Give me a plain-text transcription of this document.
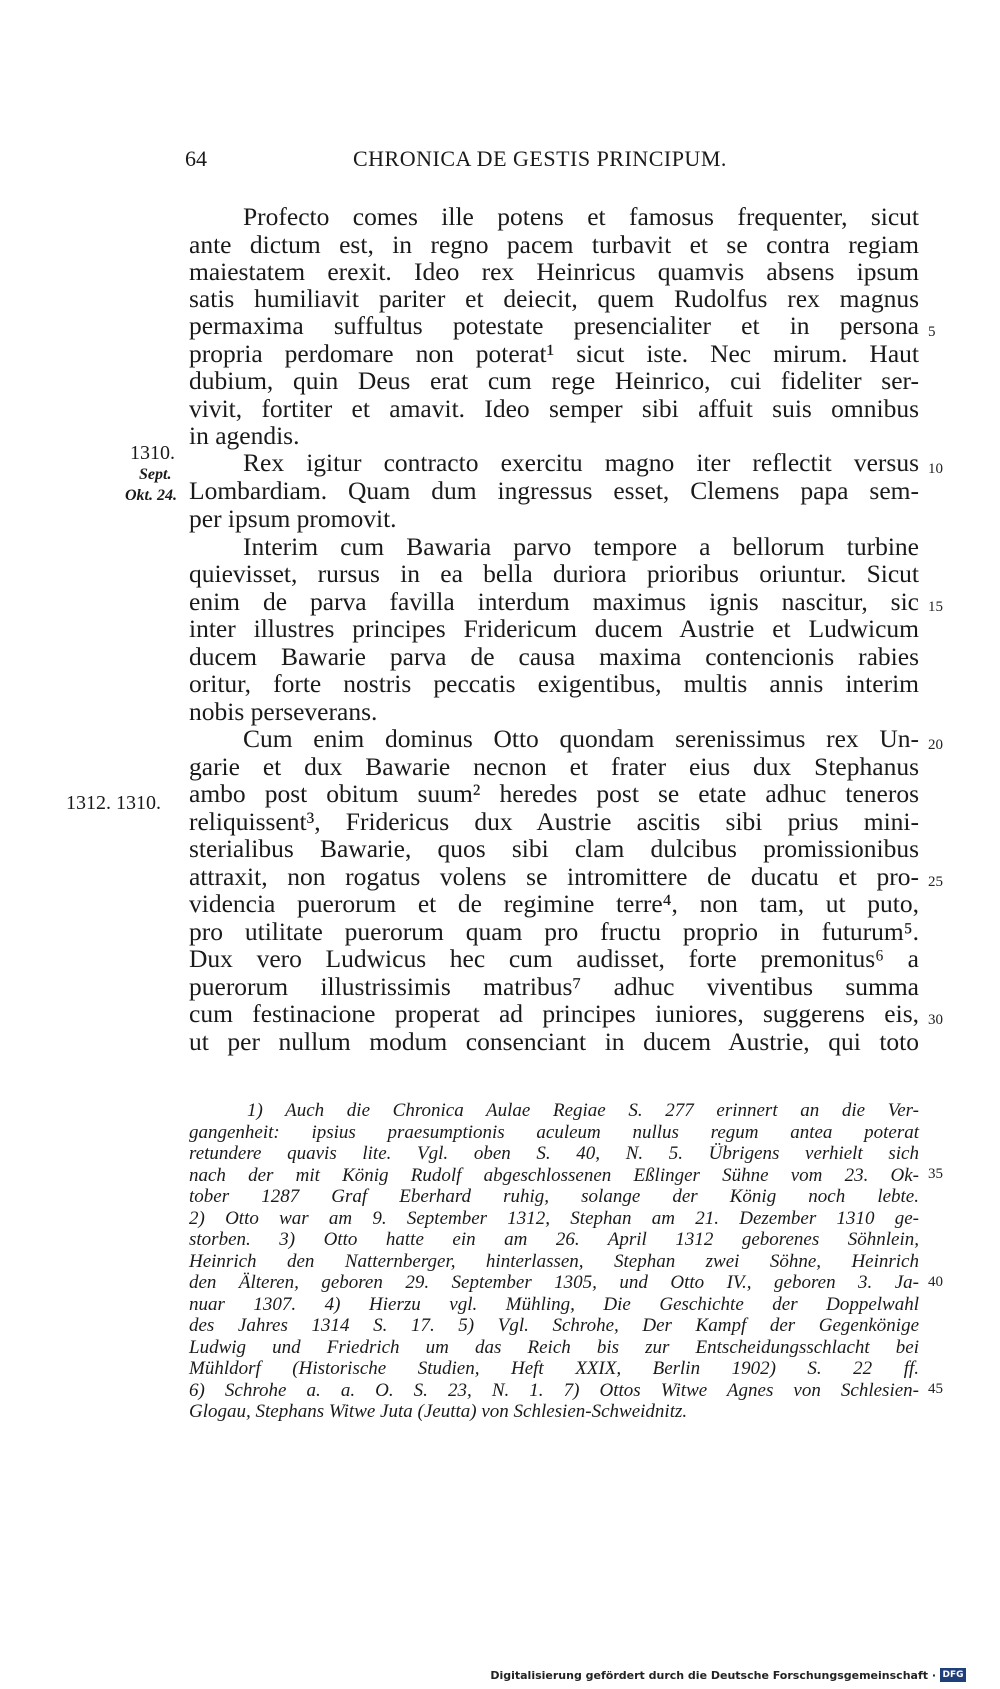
64	CHRONICA DE GESTIS PRINCIPUM.
Profecto comes ille potens et famosus frequenter, sicut
ante dictum est, in regno pacem turbavit et se contra regiam
maiestatem erexit. Ideo rex Heinricus quamvis absens ipsum
satis humiliavit pariter et deiecit, quem Rudolfus rex magnus
permaxima suffultus potestate presencialiter et in persona
propria perdomare non poterat¹ sicut iste. Nec mirum. Haut
dubium, quin Deus erat cum rege Heinrico, cui fideliter ser-
vivit, fortiter et amavit. Ideo semper sibi affuit suis omnibus
in agendis.
Rex igitur contracto exercitu magno iter reflectit versus
Lombardiam. Quam dum ingressus esset, Clemens papa sem-
per ipsum promovit.
Interim cum Bawaria parvo tempore a bellorum turbine
quievisset, rursus in ea bella duriora prioribus oriuntur. Sicut
enim de parva favilla interdum maximus ignis nascitur, sic
inter illustres principes Fridericum ducem Austrie et Ludwicum
ducem Bawarie parva de causa maxima contencionis rabies
oritur, forte nostris peccatis exigentibus, multis annis interim
nobis perseverans.
Cum enim dominus Otto quondam serenissimus rex Un-
garie et dux Bawarie necnon et frater eius dux Stephanus
ambo post obitum suum² heredes post se etate adhuc teneros
reliquissent³, Fridericus dux Austrie ascitis sibi prius mini-
sterialibus Bawarie, quos sibi clam dulcibus promissionibus
attraxit, non rogatus volens se intromittere de ducatu et pro-
videncia puerorum et de regimine terre⁴, non tam, ut puto,
pro utilitate puerorum quam pro fructu proprio in futurum⁵.
Dux vero Ludwicus hec cum audisset, forte premonitus⁶ a
puerorum illustrissimis matribus⁷ adhuc viventibus summa
cum festinacione properat ad principes iuniores, suggerens eis,
ut per nullum modum consenciant in ducem Austrie, qui toto
1310.
Sept.
Okt. 24.
1312. 1310.
1) Auch die Chronica Aulae Regiae S. 277 erinnert an die Ver-
gangenheit: ipsius praesumptionis aculeum nullus regum antea poterat
retundere quavis lite. Vgl. oben S. 40, N. 5. Übrigens verhielt sich
nach der mit König Rudolf abgeschlossenen Eßlinger Sühne vom 23. Ok-
tober 1287 Graf Eberhard ruhig, solange der König noch lebte.
2) Otto war am 9. September 1312, Stephan am 21. Dezember 1310 ge-
storben. 3) Otto hatte ein am 26. April 1312 geborenes Söhnlein,
Heinrich den Natternberger, hinterlassen, Stephan zwei Söhne, Heinrich
den Älteren, geboren 29. September 1305, und Otto IV., geboren 3. Ja-
nuar 1307. 4) Hierzu vgl. Mühling, Die Geschichte der Doppelwahl
des Jahres 1314 S. 17. 5) Vgl. Schrohe, Der Kampf der Gegenkönige
Ludwig und Friedrich um das Reich bis zur Entscheidungsschlacht bei
Mühldorf (Historische Studien, Heft XXIX, Berlin 1902) S. 22 ff.
6) Schrohe a. a. O. S. 23, N. 1. 7) Ottos Witwe Agnes von Schlesien-
Glogau, Stephans Witwe Juta (Jeutta) von Schlesien-Schweidnitz.
5
10
15
20
25
30
35
40
45
Digitalisierung gefördert durch die Deutsche Forschungsgemeinschaft · DFG
